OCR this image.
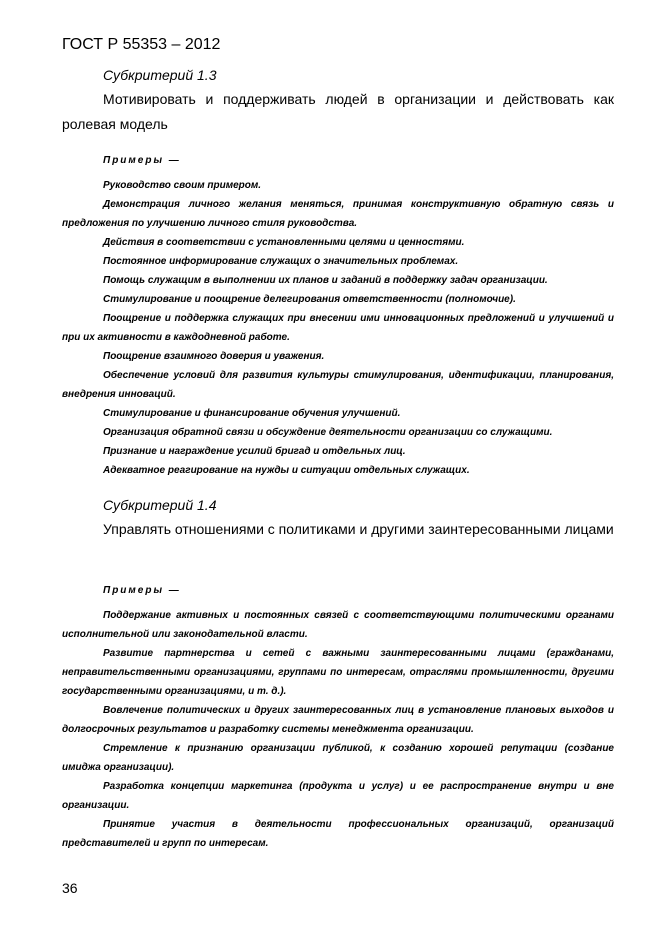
ГОСТ Р 55353 – 2012

Субкритерий 1.3

Мотивировать и поддерживать людей в организации и действовать как ролевая модель

Примеры —

Руководство своим примером.
Демонстрация личного желания меняться, принимая конструктивную обратную связь и предложения по улучшению личного стиля руководства.
Действия в соответствии с установленными целями и ценностями.
Постоянное информирование служащих о значительных проблемах.
Помощь служащим в выполнении их планов и заданий в поддержку задач организации.
Стимулирование и поощрение делегирования ответственности (полномочие).
Поощрение и поддержка служащих при внесении ими инновационных предложений и улучшений и при их активности в каждодневной работе.
Поощрение взаимного доверия и уважения.
Обеспечение условий для развития культуры стимулирования, идентификации, планирования, внедрения инноваций.
Стимулирование и финансирование обучения улучшений.
Организация обратной связи и обсуждение деятельности организации со служащими.
Признание и награждение усилий бригад и отдельных лиц.
Адекватное реагирование на нужды и ситуации отдельных служащих.

Субкритерий 1.4

Управлять отношениями с политиками и другими заинтересованными лицами

Примеры —

Поддержание активных и постоянных связей с соответствующими политическими органами исполнительной или законодательной власти.
Развитие партнерства и сетей с важными заинтересованными лицами (гражданами, неправительственными организациями, группами по интересам, отраслями промышленности, другими государственными организациями, и т. д.).
Вовлечение политических и других заинтересованных лиц в установление плановых выходов и долгосрочных результатов и разработку системы менеджмента организации.
Стремление к признанию организации публикой, к созданию хорошей репутации (создание имиджа организации).
Разработка концепции маркетинга (продукта и услуг) и ее распространение внутри и вне организации.
Принятие участия в деятельности профессиональных организаций, организаций представителей и групп по интересам.

36
